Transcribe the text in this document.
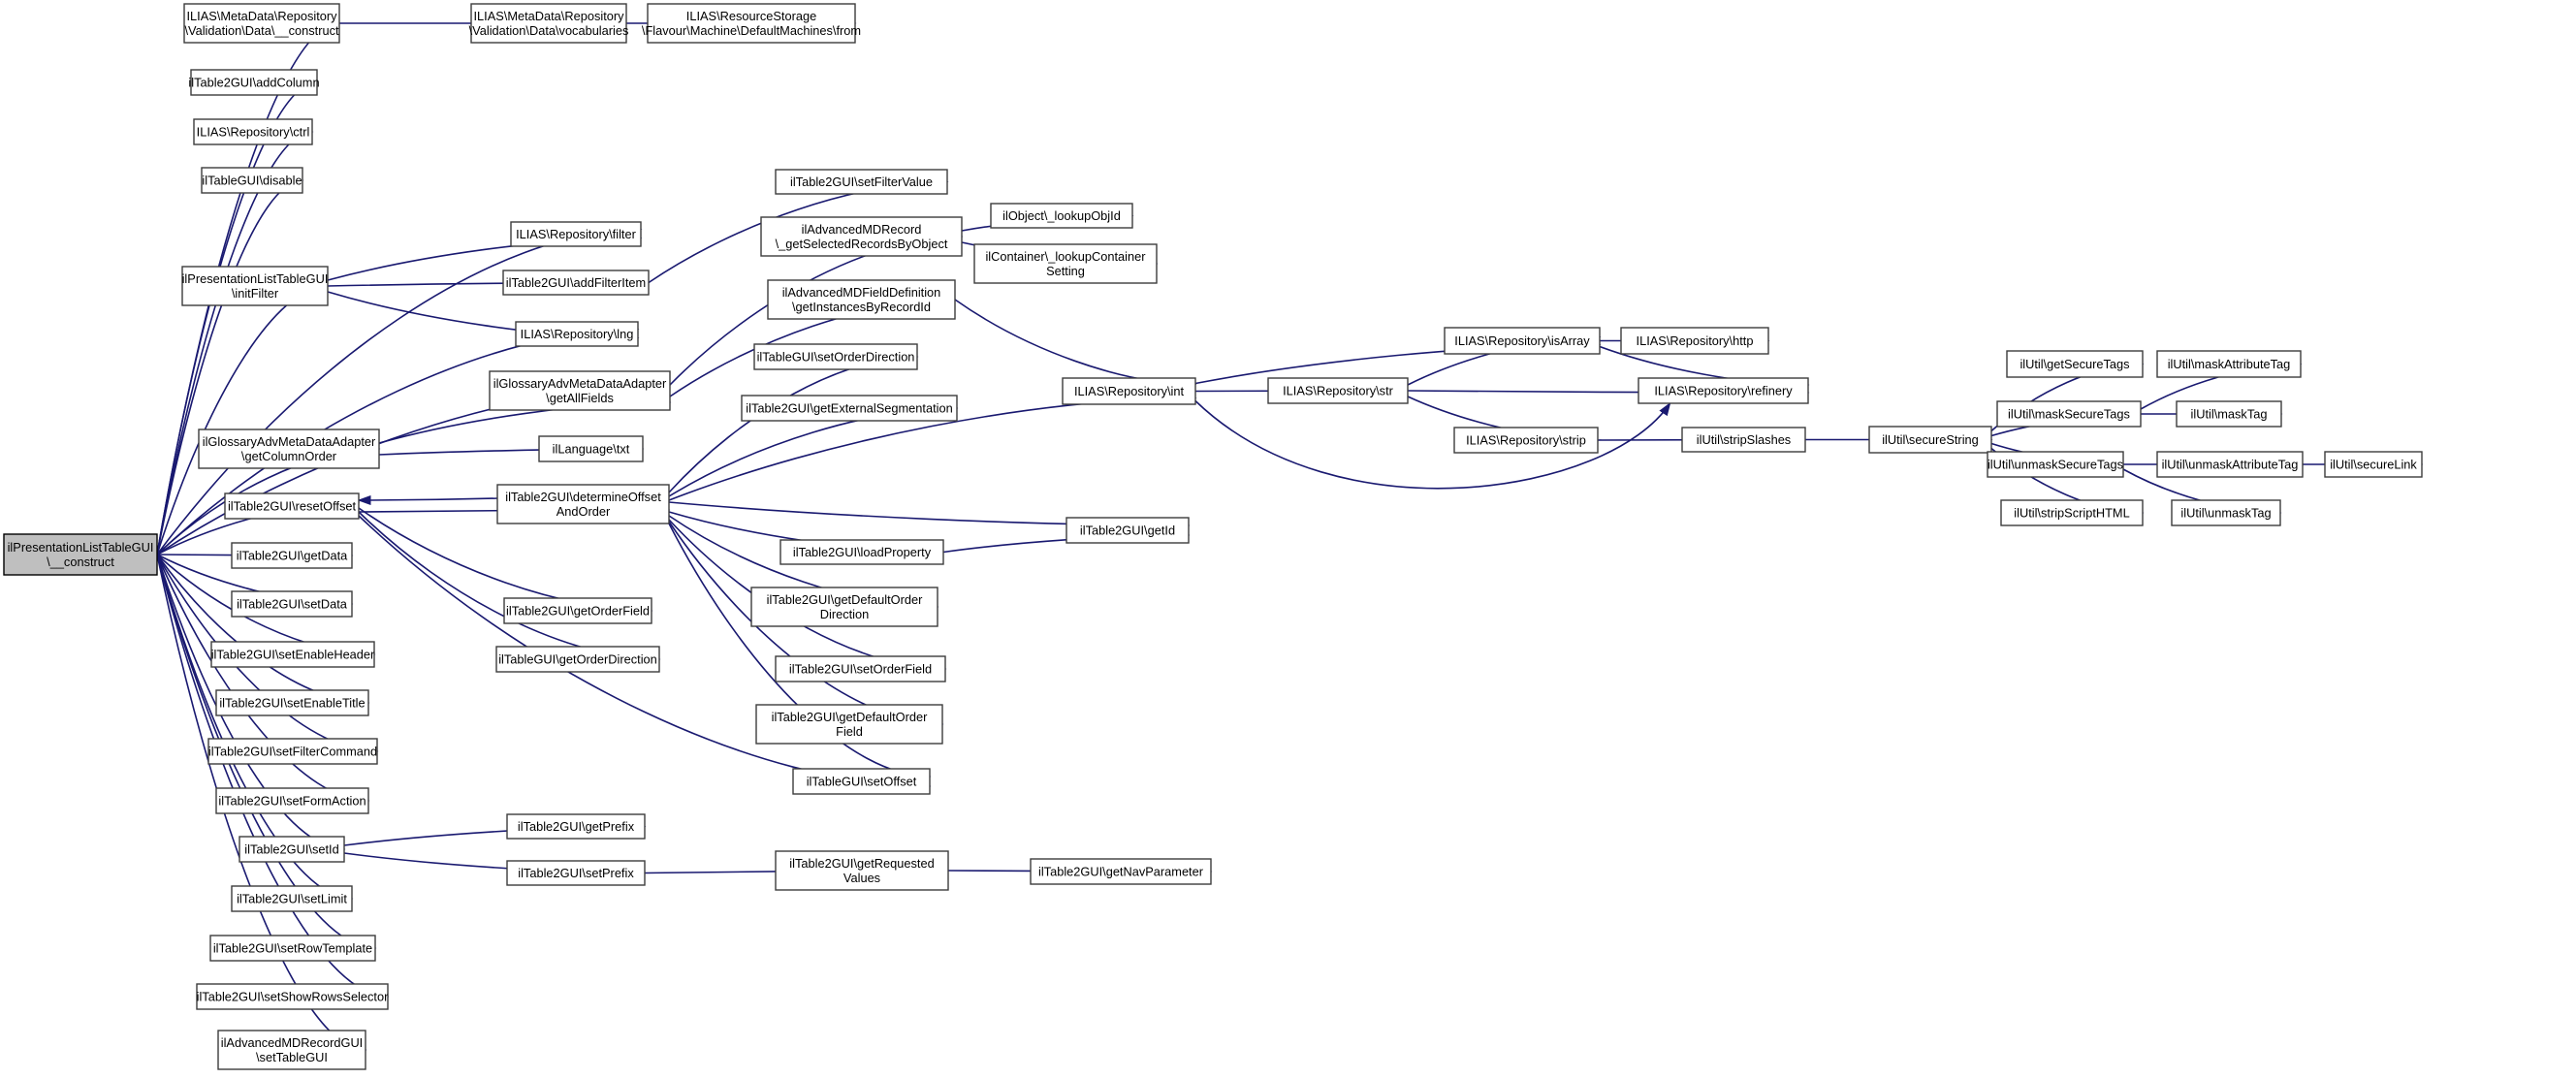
ilPresentationListTableGUI \__construct
ILIAS\MetaData\Repository \Validation\Data\__construct
ILIAS\MetaData\Repository \Validation\Data\vocabularies
ILIAS\ResourceStorage \Flavour\Machine\DefaultMachines\from
ilTable2GUI\addColumn
ILIAS\Repository\ctrl
ilTableGUI\disable
ilPresentationListTableGUI \initFilter
ilGlossaryAdvMetaDataAdapter \getColumnOrder
ilTable2GUI\resetOffset
ilTable2GUI\getData
ilTable2GUI\setData
ilTable2GUI\setEnableHeader
ilTable2GUI\setEnableTitle
ilTable2GUI\setFilterCommand
ilTable2GUI\setFormAction
ilTable2GUI\setId
ilTable2GUI\setLimit
ilTable2GUI\setRowTemplate
ilTable2GUI\setShowRowsSelector
ilAdvancedMDRecordGUI \setTableGUI
ILIAS\Repository\filter
ilTable2GUI\addFilterItem
ILIAS\Repository\lng
ilGlossaryAdvMetaDataAdapter \getAllFields
ilLanguage\txt
ilTable2GUI\determineOffset AndOrder
ilTable2GUI\getOrderField
ilTableGUI\getOrderDirection
ilTable2GUI\setFilterValue
ilAdvancedMDRecord \_getSelectedRecordsByObject
ilAdvancedMDFieldDefinition \getInstancesByRecordId
ilTableGUI\setOrderDirection
ilTable2GUI\getExternalSegmentation
ilTable2GUI\getId
ilTable2GUI\loadProperty
ilTable2GUI\getDefaultOrder Direction
ilTable2GUI\setOrderField
ilTable2GUI\getDefaultOrder Field
ilTableGUI\setOffset
ilTable2GUI\getPrefix
ilTable2GUI\setPrefix
ilTable2GUI\getRequested Values	ilTable2GUI\getNavParameter
ilObject\_lookupObjId
ilContainer\_lookupContainer Setting
ILIAS\Repository\int	ILIAS\Repository\str
ILIAS\Repository\isArray
ILIAS\Repository\strip
ILIAS\Repository\http
ILIAS\Repository\refinery
ilUtil\stripSlashes	ilUtil\secureString
ilUtil\getSecureTags
ilUtil\maskSecureTags
ilUtil\unmaskSecureTags
ilUtil\stripScriptHTML
ilUtil\maskAttributeTag
ilUtil\maskTag
ilUtil\unmaskAttributeTag
ilUtil\unmaskTag
ilUtil\secureLink
